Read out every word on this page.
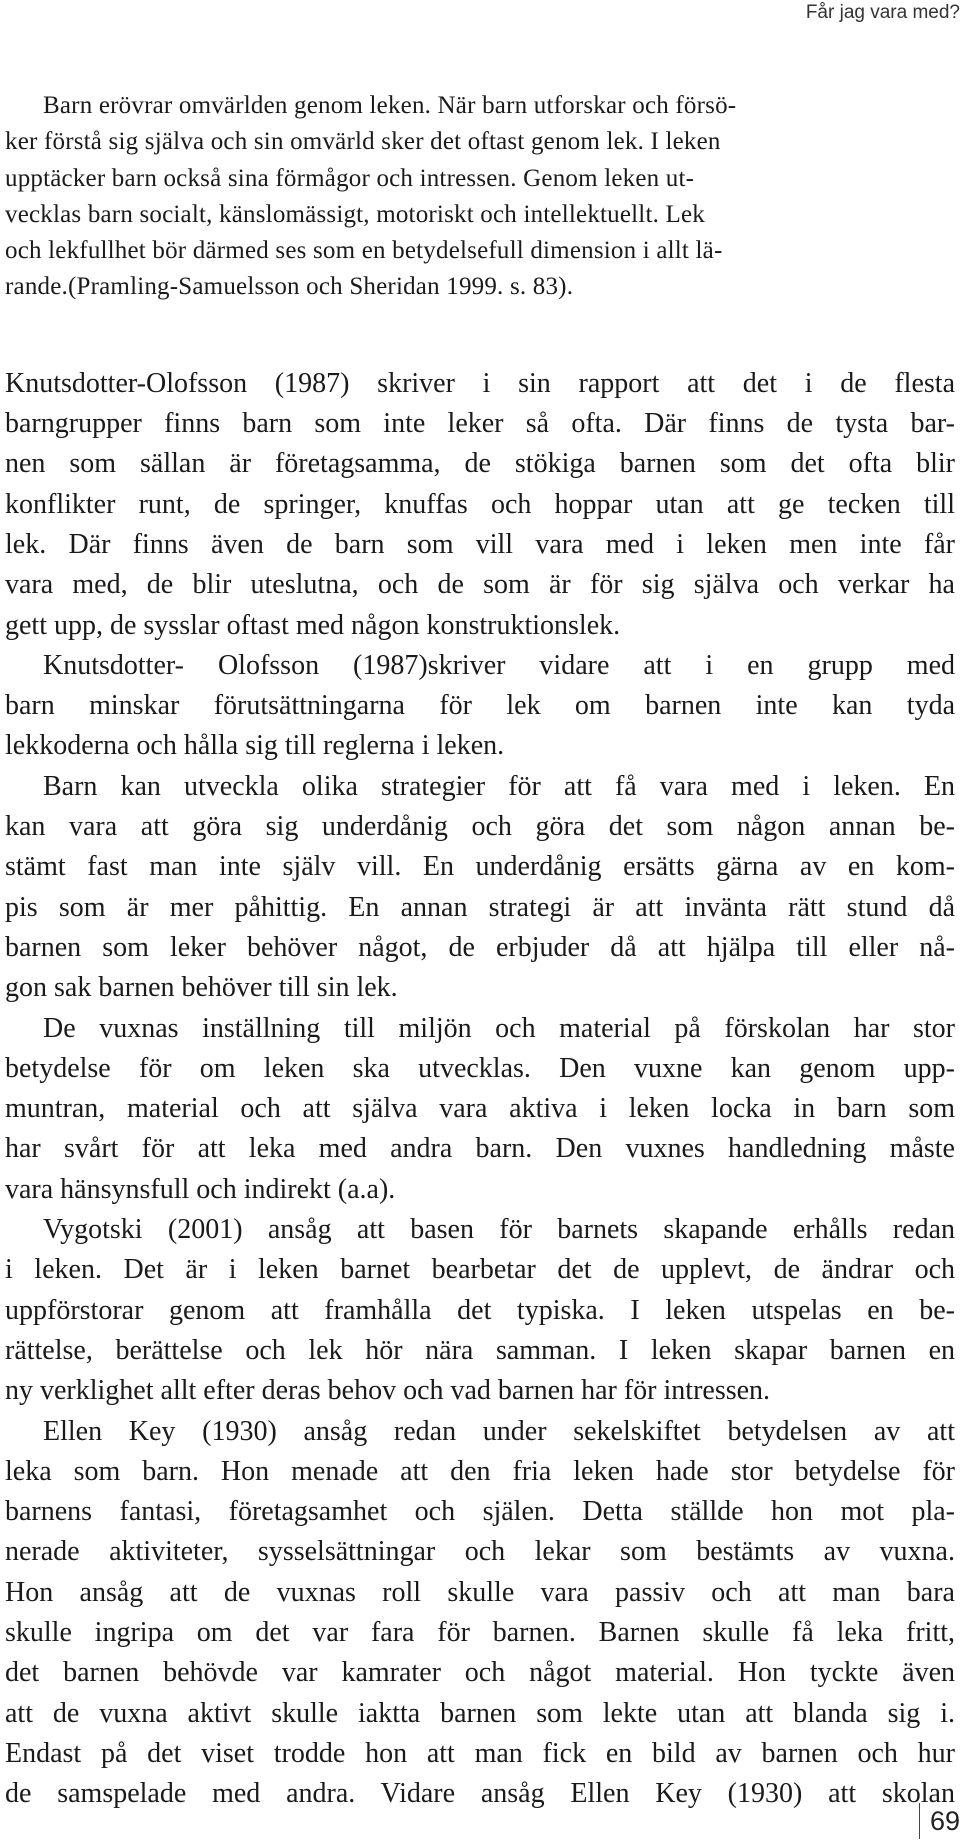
Får jag vara med?

Barn erövrar omvärlden genom leken. När barn utforskar och försö-

ker förstå sig själva och sin omvärld sker det oftast genom lek. I leken

upptäcker barn också sina förmågor och intressen. Genom leken ut-

vecklas barn socialt, känslomässigt, motoriskt och intellektuellt. Lek

och lekfullhet bör därmed ses som en betydelsefull dimension i allt lä-

rande.(Pramling-Samuelsson och Sheridan 1999. s. 83).

Knutsdotter-Olofsson (1987) skriver i sin rapport att det i de flesta

barngrupper finns barn som inte leker så ofta. Där finns de tysta bar-

nen som sällan är företagsamma, de stökiga barnen som det ofta blir

konflikter runt, de springer, knuffas och hoppar utan att ge tecken till

lek. Där finns även de barn som vill vara med i leken men inte får

vara med, de blir uteslutna, och de som är för sig själva och verkar ha

gett upp, de sysslar oftast med någon konstruktionslek.

Knutsdotter- Olofsson (1987)skriver vidare att i en grupp med

barn minskar förutsättningarna för lek om barnen inte kan tyda

lekkoderna och hålla sig till reglerna i leken.

Barn kan utveckla olika strategier för att få vara med i leken. En

kan vara att göra sig underdånig och göra det som någon annan be-

stämt fast man inte själv vill. En underdånig ersätts gärna av en kom-

pis som är mer påhittig. En annan strategi är att invänta rätt stund då

barnen som leker behöver något, de erbjuder då att hjälpa till eller nå-

gon sak barnen behöver till sin lek.

De vuxnas inställning till miljön och material på förskolan har stor

betydelse för om leken ska utvecklas. Den vuxne kan genom upp-

muntran, material och att själva vara aktiva i leken locka in barn som

har svårt för att leka med andra barn. Den vuxnes handledning måste

vara hänsynsfull och indirekt (a.a).

Vygotski (2001) ansåg att basen för barnets skapande erhålls redan

i leken. Det är i leken barnet bearbetar det de upplevt, de ändrar och

uppförstorar genom att framhålla det typiska. I leken utspelas en be-

rättelse, berättelse och lek hör nära samman. I leken skapar barnen en

ny verklighet allt efter deras behov och vad barnen har för intressen.

Ellen Key (1930) ansåg redan under sekelskiftet betydelsen av att

leka som barn. Hon menade att den fria leken hade stor betydelse för

barnens fantasi, företagsamhet och själen. Detta ställde hon mot pla-

nerade aktiviteter, sysselsättningar och lekar som bestämts av vuxna.

Hon ansåg att de vuxnas roll skulle vara passiv och att man bara

skulle ingripa om det var fara för barnen. Barnen skulle få leka fritt,

det barnen behövde var kamrater och något material. Hon tyckte även

att de vuxna aktivt skulle iaktta barnen som lekte utan att blanda sig i.

Endast på det viset trodde hon att man fick en bild av barnen och hur

de samspelade med andra. Vidare ansåg Ellen Key (1930) att skolan

69
